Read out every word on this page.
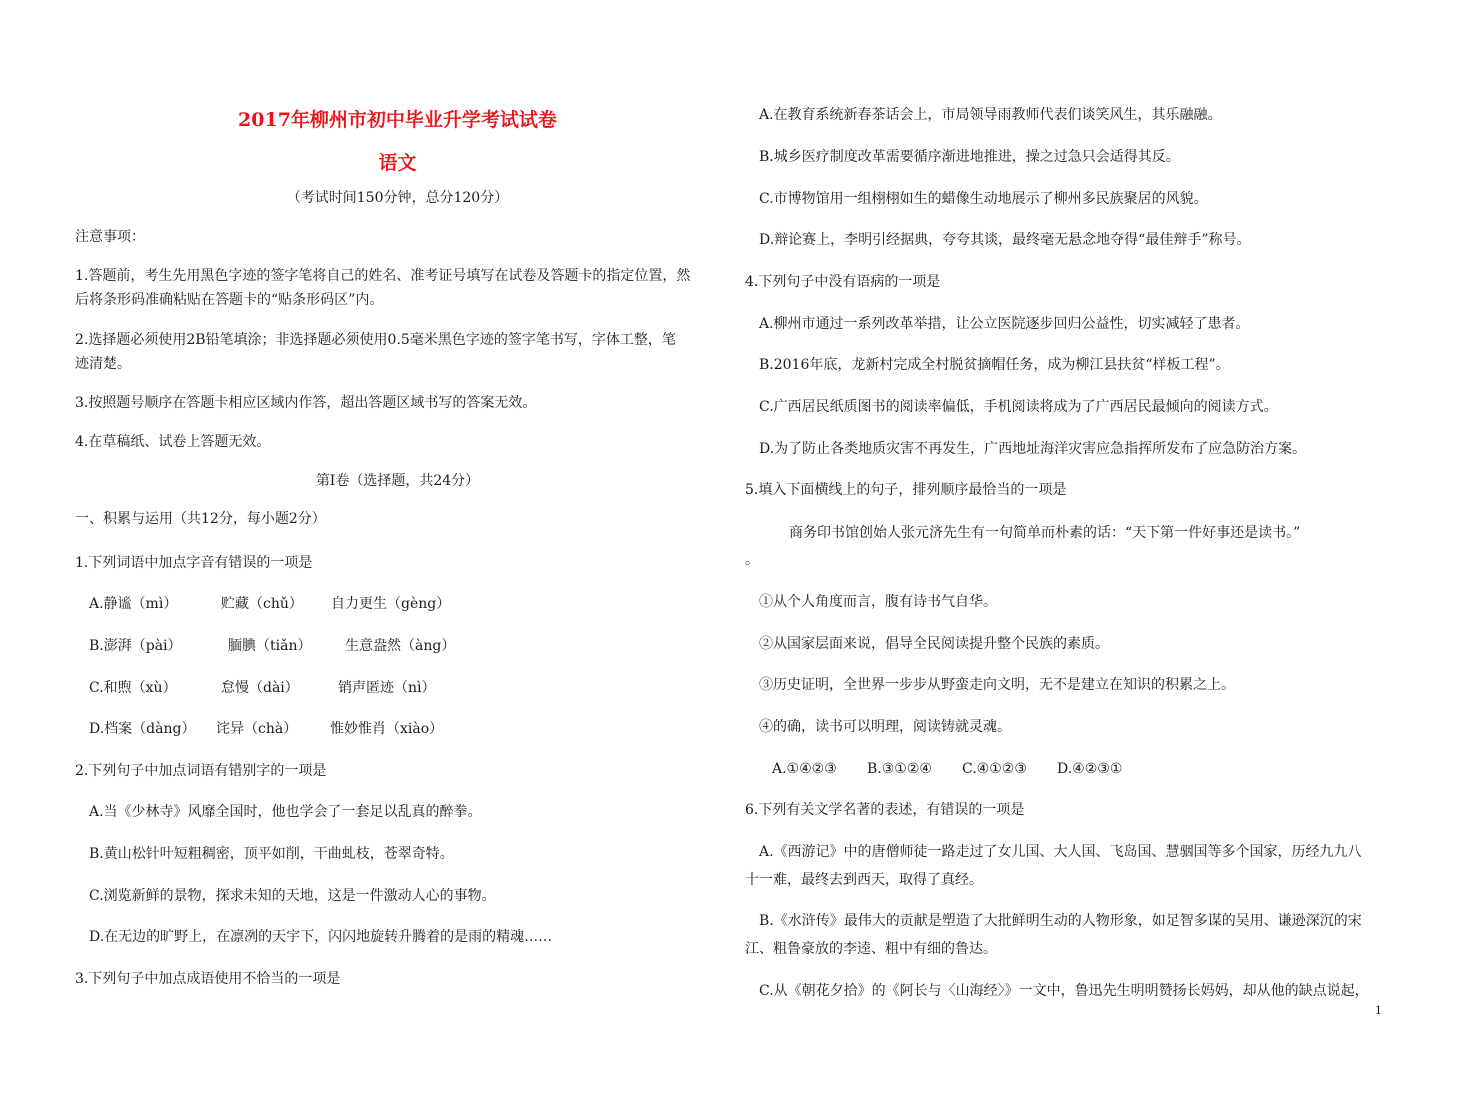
2017年柳州市初中毕业升学考试试卷
语文
（考试时间150分钟，总分120分）
注意事项：
1.答题前，考生先用黑色字迹的签字笔将自己的姓名、准考证号填写在试卷及答题卡的指定位置，然
后将条形码准确粘贴在答题卡的“贴条形码区”内。
2.选择题必须使用2B铅笔填涂；非选择题必须使用0.5毫米黑色字迹的签字笔书写，字体工整，笔
迹清楚。
3.按照题号顺序在答题卡相应区域内作答，超出答题区域书写的答案无效。
4.在草稿纸、试卷上答题无效。
第Ⅰ卷（选择题，共24分）
一、积累与运用（共12分，每小题2分）
1.下列词语中加点字音有错误的一项是
A.静谧（mì）	贮藏（chǔ） 自力更生（gèng）
B.澎湃（pài）	腼腆（tiǎn） 生意盎然（àng）
C.和煦（xù）	怠慢（dài）	销声匿迹（nì）
D.档案（dàng） 诧异（chà） 惟妙惟肖（xiào）
2.下列句子中加点词语有错别字的一项是
A.当《少林寺》风靡全国时，他也学会了一套足以乱真的醉拳。
B.黄山松针叶短粗稠密，顶平如削，干曲虬枝，苍翠奇特。
C.浏览新鲜的景物，探求未知的天地，这是一件激动人心的事物。
D.在无边的旷野上，在凛冽的天宇下，闪闪地旋转升腾着的是雨的精魂……
3.下列句子中加点成语使用不恰当的一项是
A.在教育系统新春茶话会上，市局领导雨教师代表们谈笑风生，其乐融融。
B.城乡医疗制度改革需要循序渐进地推进，操之过急只会适得其反。
C.市博物馆用一组栩栩如生的蜡像生动地展示了柳州多民族聚居的风貌。
D.辩论赛上，李明引经据典，夸夸其谈，最终毫无悬念地夺得“最佳辩手”称号。
4.下列句子中没有语病的一项是
A.柳州市通过一系列改革举措，让公立医院逐步回归公益性，切实减轻了患者。
B.2016年底，龙新村完成全村脱贫摘帽任务，成为柳江县扶贫“样板工程”。
C.广西居民纸质图书的阅读率偏低，手机阅读将成为了广西居民最倾向的阅读方式。
D.为了防止各类地质灾害不再发生，广西地址海洋灾害应急指挥所发布了应急防治方案。
5.填入下面横线上的句子，排列顺序最恰当的一项是
商务印书馆创始人张元济先生有一句简单而朴素的话：“天下第一件好事还是读书。”
。
①从个人角度而言，腹有诗书气自华。
②从国家层面来说，倡导全民阅读提升整个民族的素质。
③历史证明，全世界一步步从野蛮走向文明，无不是建立在知识的积累之上。
④的确，读书可以明理，阅读铸就灵魂。
A.①④②③ B.③①②④ C.④①②③ D.④②③①
6.下列有关文学名著的表述，有错误的一项是
A.《西游记》中的唐僧师徒一路走过了女儿国、大人国、飞岛国、慧骃国等多个国家，历经九九八
十一难，最终去到西天，取得了真经。
B.《水浒传》最伟大的贡献是塑造了大批鲜明生动的人物形象，如足智多谋的吴用、谦逊深沉的宋
江、粗鲁豪放的李逵、粗中有细的鲁达。
C.从《朝花夕拾》的《阿长与〈山海经〉》一文中，鲁迅先生明明赞扬长妈妈，却从他的缺点说起，
1
